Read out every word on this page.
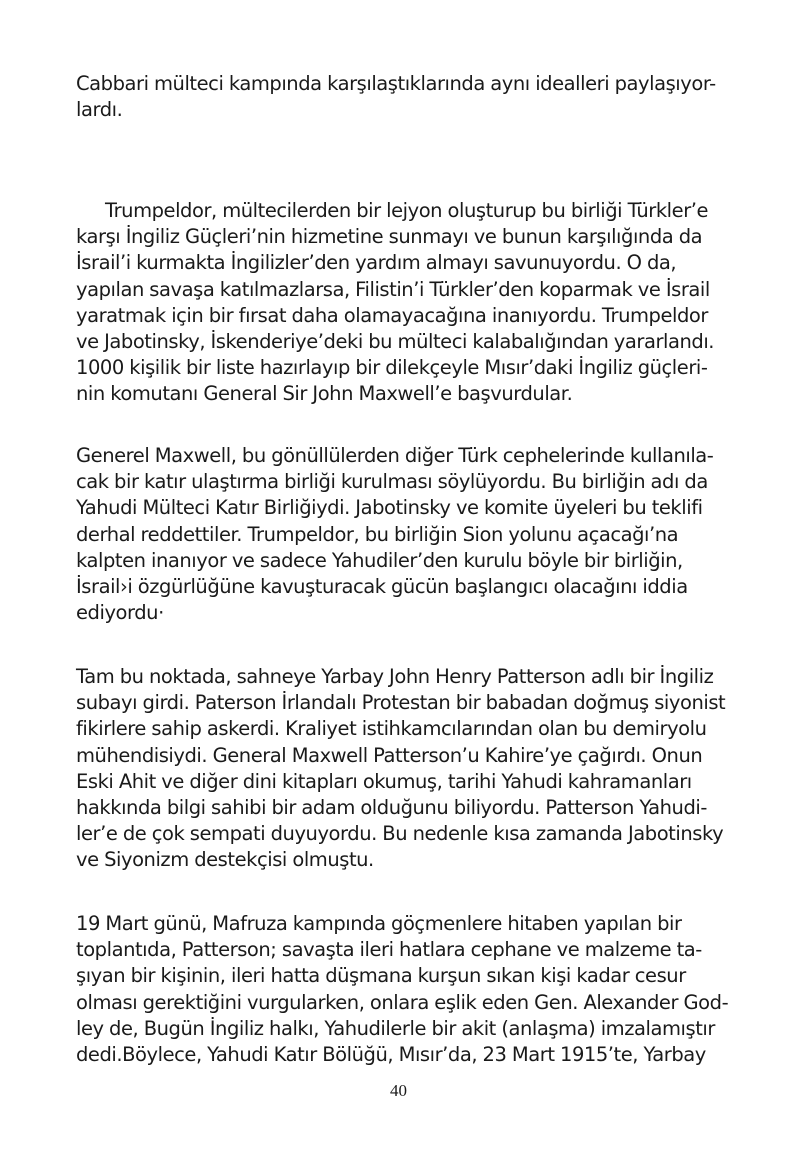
Cabbari mülteci kampında karşılaştıklarında aynı idealleri paylaşıyor-
lardı.
Trumpeldor, mültecilerden bir lejyon oluşturup bu birliği Türkler’e
karşı İngiliz Güçleri’nin hizmetine sunmayı ve bunun karşılığında da
İsrail’i kurmakta İngilizler’den yardım almayı savunuyordu. O da,
yapılan savaşa katılmazlarsa, Filistin’i Türkler’den koparmak ve İsrail
yaratmak için bir fırsat daha olamayacağına inanıyordu. Trumpeldor
ve Jabotinsky, İskenderiye’deki bu mülteci kalabalığından yararlandı.
1000 kişilik bir liste hazırlayıp bir dilekçeyle Mısır’daki İngiliz güçleri-
nin komutanı General Sir John Maxwell’e başvurdular.
Generel Maxwell, bu gönüllülerden diğer Türk cephelerinde kullanıla-
cak bir katır ulaştırma birliği kurulması söylüyordu. Bu birliğin adı da
Yahudi Mülteci Katır Birliğiydi. Jabotinsky ve komite üyeleri bu teklifi
derhal reddettiler. Trumpeldor, bu birliğin Sion yolunu açacağı’na
kalpten inanıyor ve sadece Yahudiler’den kurulu böyle bir birliğin,
İsrail›i özgürlüğüne kavuşturacak gücün başlangıcı olacağını iddia
ediyordu·
Tam bu noktada, sahneye Yarbay John Henry Patterson adlı bir İngiliz
subayı girdi. Paterson İrlandalı Protestan bir babadan doğmuş siyonist
fikirlere sahip askerdi. Kraliyet istihkamcılarından olan bu demiryolu
mühendisiydi. General Maxwell Patterson’u Kahire’ye çağırdı. Onun
Eski Ahit ve diğer dini kitapları okumuş, tarihi Yahudi kahramanları
hakkında bilgi sahibi bir adam olduğunu biliyordu. Patterson Yahudi-
ler’e de çok sempati duyuyordu. Bu nedenle kısa zamanda Jabotinsky
ve Siyonizm destekçisi olmuştu.
19 Mart günü, Mafruza kampında göçmenlere hitaben yapılan bir
toplantıda, Patterson; savaşta ileri hatlara cephane ve malzeme ta-
şıyan bir kişinin, ileri hatta düşmana kurşun sıkan kişi kadar cesur
olması gerektiğini vurgularken, onlara eşlik eden Gen. Alexander God-
ley de, Bugün İngiliz halkı, Yahudilerle bir akit (anlaşma) imzalamıştır
dedi.Böylece, Yahudi Katır Bölüğü, Mısır’da, 23 Mart 1915’te, Yarbay
40
